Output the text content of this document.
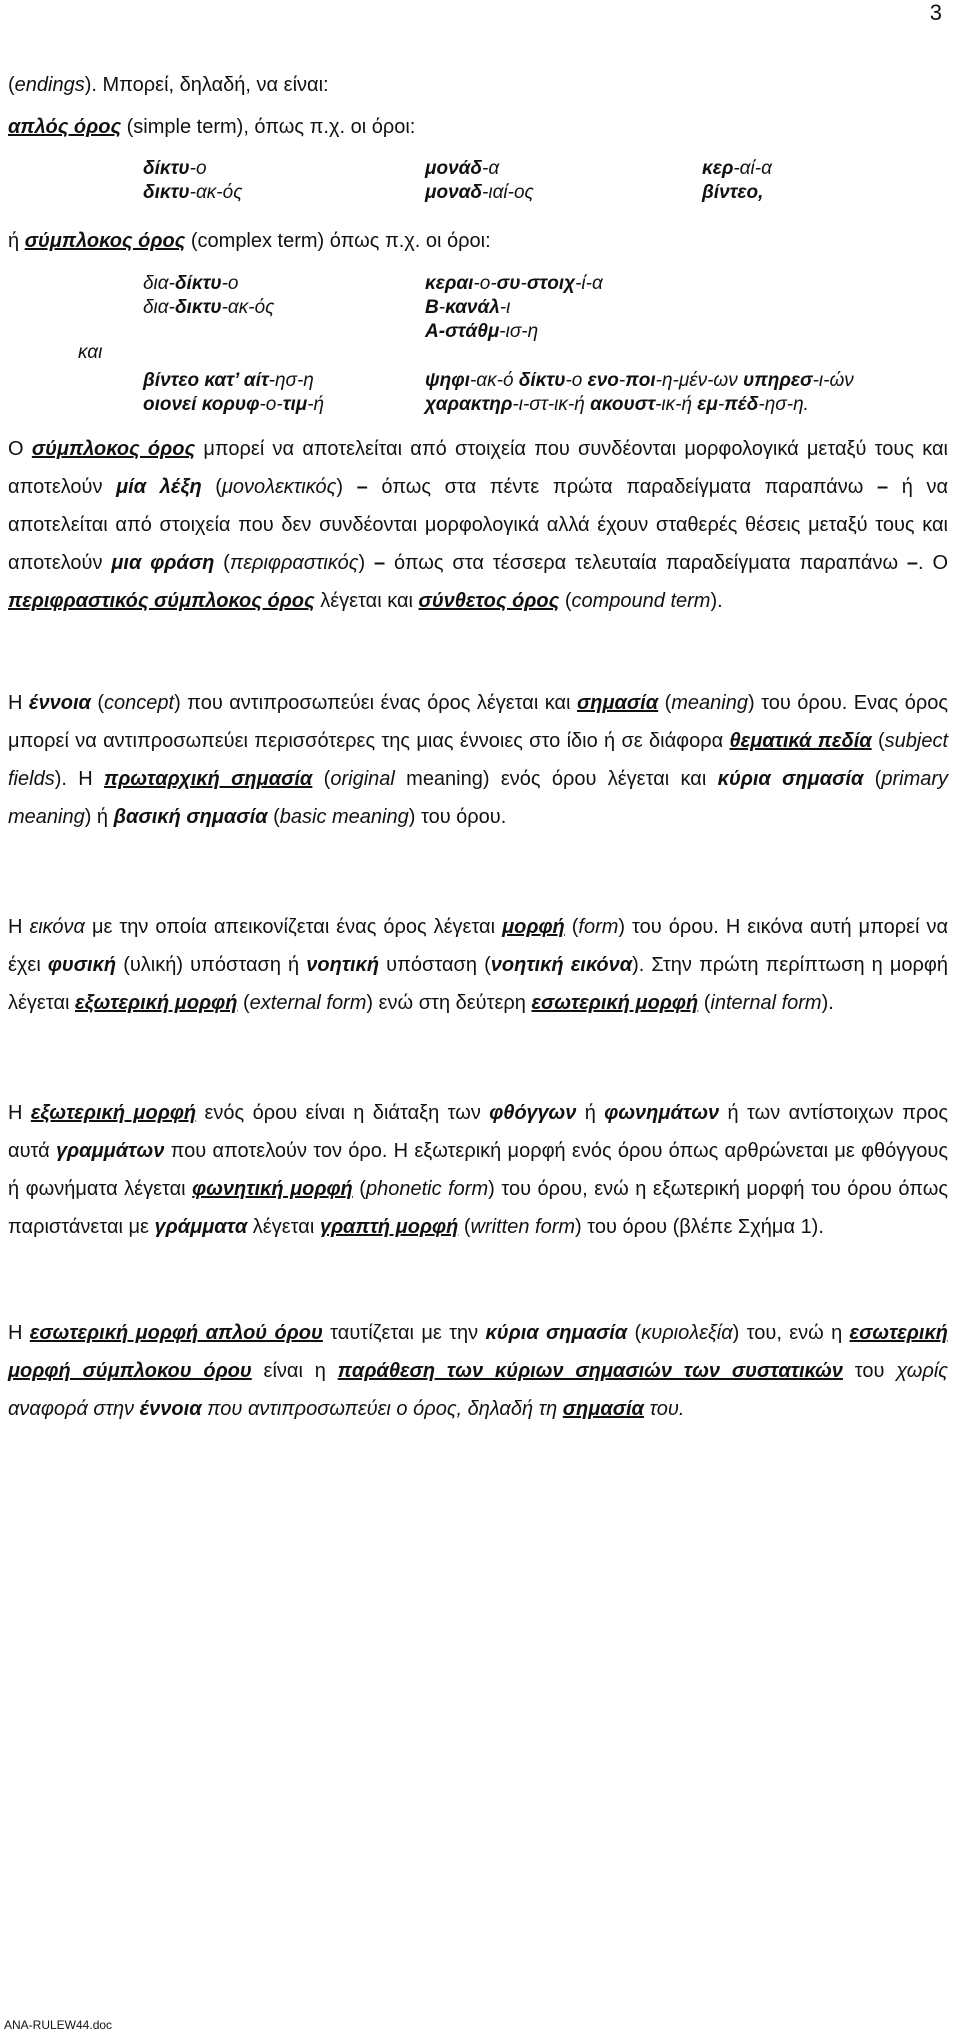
3
(endings). Μπορεί, δηλαδή, να είναι:
απλός όρος (simple term), όπως π.χ. οι όροι:
δίκτυ-ο
δικτυ-ακ-ός
μονάδ-α
μοναδ-ιαί-ος
κερ-αί-α
βίντεο,
ή σύμπλοκος όρος (complex term) όπως π.χ. οι όροι:
και
δια-δίκτυ-ο
δια-δικτυ-ακ-ός
βίντεο κατ’ αίτ-ησ-η
οιονεί κορυφ-ο-τιμ-ή
κεραι-ο-συ-στοιχ-ί-α
B-κανάλ-ι
Α-στάθμ-ισ-η
ψηφι-ακ-ό δίκτυ-ο ενο-ποι-η-μέν-ων υπηρεσ-ι-ών
χαρακτηρ-ι-στ-ικ-ή ακουστ-ικ-ή εμ-πέδ-ησ-η.

Ο σύμπλοκος όρος μπορεί να αποτελείται από στοιχεία που συνδέονται μορφολογικά μεταξύ τους και αποτελούν μία λέξη (μονολεκτικός) – όπως στα πέντε πρώτα παραδείγματα παραπάνω – ή να αποτελείται από στοιχεία που δεν συνδέονται μορφολογικά αλλά έχουν σταθερές θέσεις μεταξύ τους και αποτελούν μια φράση (περιφραστικός) – όπως στα τέσσερα τελευταία παραδείγματα παραπάνω –. Ο περιφραστικός σύμπλοκος όρος λέγεται και σύνθετος όρος (compound term).

Η έννοια (concept) που αντιπροσωπεύει ένας όρος λέγεται και σημασία (meaning) του όρου. Ενας όρος μπορεί να αντιπροσωπεύει περισσότερες της μιας έννοιες στο ίδιο ή σε διάφορα θεματικά πεδία (subject fields). Η πρωταρχική σημασία (original meaning) ενός όρου λέγεται και κύρια σημασία (primary meaning) ή βασική σημασία (basic meaning) του όρου.

Η εικόνα με την οποία απεικονίζεται ένας όρος λέγεται μορφή (form) του όρου. Η εικόνα αυτή μπορεί να έχει φυσική (υλική) υπόσταση ή νοητική υπόσταση (νοητική εικόνα). Στην πρώτη περίπτωση η μορφή λέγεται εξωτερική μορφή (external form) ενώ στη δεύτερη εσωτερική μορφή (internal form).

Η εξωτερική μορφή ενός όρου είναι η διάταξη των φθόγγων ή φωνημάτων ή των αντίστοιχων προς αυτά γραμμάτων που αποτελούν τον όρο. Η εξωτερική μορφή ενός όρου όπως αρθρώνεται με φθόγγους ή φωνήματα λέγεται φωνητική μορφή (phonetic form) του όρου, ενώ η εξωτερική μορφή του όρου όπως παριστάνεται με γράμματα λέγεται γραπτή μορφή (written form) του όρου (βλέπε Σχήμα 1).

Η εσωτερική μορφή απλού όρου ταυτίζεται με την κύρια σημασία (κυριολεξία) του, ενώ η εσωτερική μορφή σύμπλοκου όρου είναι η παράθεση των κύριων σημασιών των συστατικών του χωρίς αναφορά στην έννοια που αντιπροσωπεύει ο όρος, δηλαδή τη σημασία του.

ANA-RULEW44.doc
